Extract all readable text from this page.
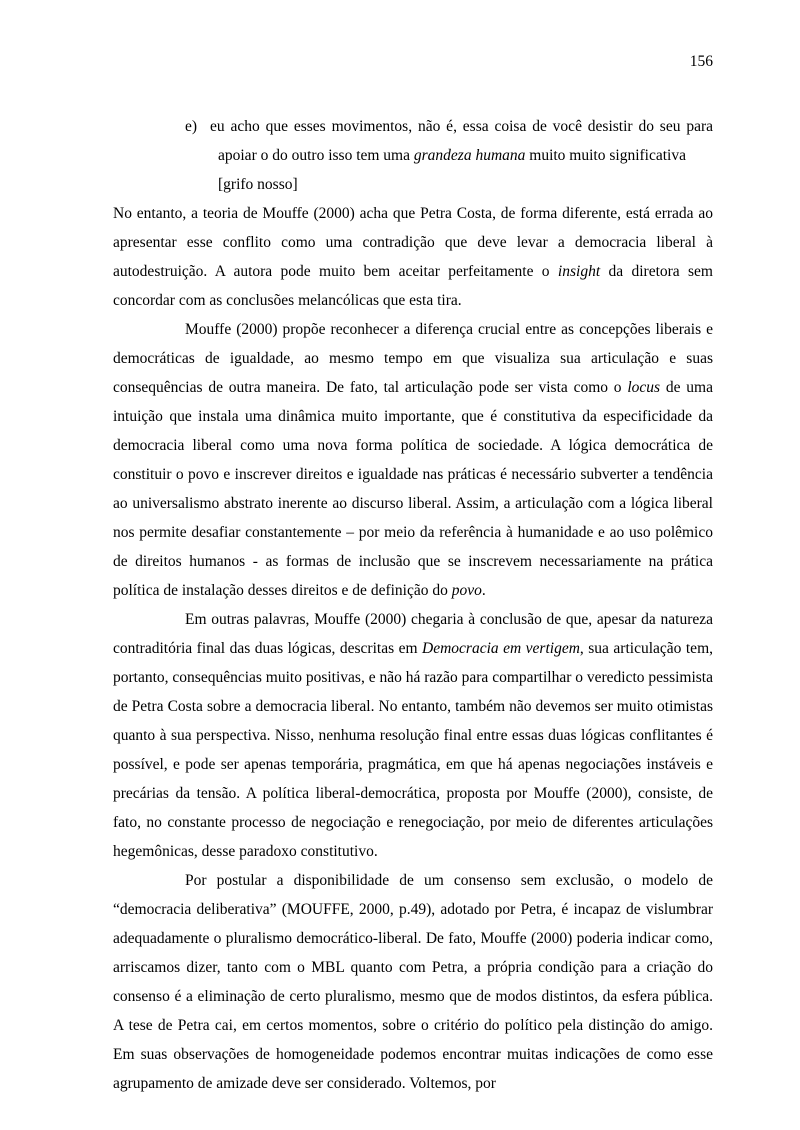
156
e) eu acho que esses movimentos, não é, essa coisa de você desistir do seu para apoiar o do outro isso tem uma grandeza humana muito muito significativa
[grifo nosso]

No entanto, a teoria de Mouffe (2000) acha que Petra Costa, de forma diferente, está errada ao apresentar esse conflito como uma contradição que deve levar a democracia liberal à autodestruição. A autora pode muito bem aceitar perfeitamente o insight da diretora sem concordar com as conclusões melancólicas que esta tira.

Mouffe (2000) propõe reconhecer a diferença crucial entre as concepções liberais e democráticas de igualdade, ao mesmo tempo em que visualiza sua articulação e suas consequências de outra maneira. De fato, tal articulação pode ser vista como o locus de uma intuição que instala uma dinâmica muito importante, que é constitutiva da especificidade da democracia liberal como uma nova forma política de sociedade. A lógica democrática de constituir o povo e inscrever direitos e igualdade nas práticas é necessário subverter a tendência ao universalismo abstrato inerente ao discurso liberal. Assim, a articulação com a lógica liberal nos permite desafiar constantemente – por meio da referência à humanidade e ao uso polêmico de direitos humanos - as formas de inclusão que se inscrevem necessariamente na prática política de instalação desses direitos e de definição do povo.

Em outras palavras, Mouffe (2000) chegaria à conclusão de que, apesar da natureza contraditória final das duas lógicas, descritas em Democracia em vertigem, sua articulação tem, portanto, consequências muito positivas, e não há razão para compartilhar o veredicto pessimista de Petra Costa sobre a democracia liberal. No entanto, também não devemos ser muito otimistas quanto à sua perspectiva. Nisso, nenhuma resolução final entre essas duas lógicas conflitantes é possível, e pode ser apenas temporária, pragmática, em que há apenas negociações instáveis e precárias da tensão. A política liberal-democrática, proposta por Mouffe (2000), consiste, de fato, no constante processo de negociação e renegociação, por meio de diferentes articulações hegemônicas, desse paradoxo constitutivo.

Por postular a disponibilidade de um consenso sem exclusão, o modelo de “democracia deliberativa” (MOUFFE, 2000, p.49), adotado por Petra, é incapaz de vislumbrar adequadamente o pluralismo democrático-liberal. De fato, Mouffe (2000) poderia indicar como, arriscamos dizer, tanto com o MBL quanto com Petra, a própria condição para a criação do consenso é a eliminação de certo pluralismo, mesmo que de modos distintos, da esfera pública. A tese de Petra cai, em certos momentos, sobre o critério do político pela distinção do amigo. Em suas observações de homogeneidade podemos encontrar muitas indicações de como esse agrupamento de amizade deve ser considerado. Voltemos, por
